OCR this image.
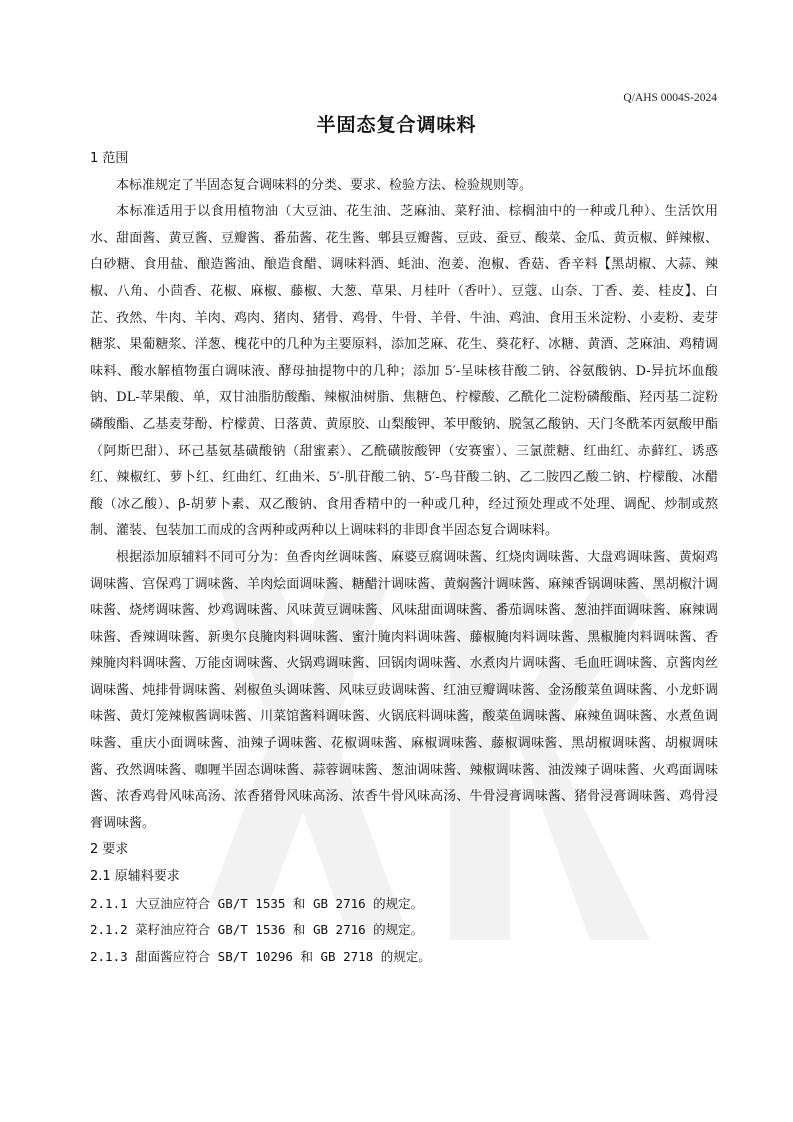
Q/AHS 0004S-2024
半固态复合调味料

1 范围

本标准规定了半固态复合调味料的分类、要求、检验方法、检验规则等。

本标准适用于以食用植物油（大豆油、花生油、芝麻油、菜籽油、棕榈油中的一种或几种）、生活饮用水、甜面酱、黄豆酱、豆瓣酱、番茄酱、花生酱、郫县豆瓣酱、豆豉、蚕豆、酸菜、金瓜、黄贡椒、鲜辣椒、白砂糖、食用盐、酿造酱油、酿造食醋、调味料酒、蚝油、泡姜、泡椒、香菇、香辛料【黑胡椒、大蒜、辣椒、八角、小茴香、花椒、麻椒、藤椒、大葱、草果、月桂叶（香叶）、豆蔻、山奈、丁香、姜、桂皮】、白芷、孜然、牛肉、羊肉、鸡肉、猪肉、猪骨、鸡骨、牛骨、羊骨、牛油、鸡油、食用玉米淀粉、小麦粉、麦芽糖浆、果葡糖浆、洋葱、槐花中的几种为主要原料，添加芝麻、花生、葵花籽、冰糖、黄酒、芝麻油、鸡精调味料、酸水解植物蛋白调味液、酵母抽提物中的几种；添加 5′-呈味核苷酸二钠、谷氨酸钠、D-异抗坏血酸钠、DL-苹果酸、单，双甘油脂肪酸酯、辣椒油树脂、焦糖色、柠檬酸、乙酰化二淀粉磷酸酯、羟丙基二淀粉磷酸酯、乙基麦芽酚、柠檬黄、日落黄、黄原胶、山梨酸钾、苯甲酸钠、脱氢乙酸钠、天门冬酰苯丙氨酸甲酯（阿斯巴甜）、环己基氨基磺酸钠（甜蜜素）、乙酰磺胺酸钾（安赛蜜）、三氯蔗糖、红曲红、赤藓红、诱惑红、辣椒红、萝卜红、红曲红、红曲米、5′-肌苷酸二钠、5′-鸟苷酸二钠、乙二胺四乙酸二钠、柠檬酸、冰醋酸（冰乙酸）、β-胡萝卜素、双乙酸钠、食用香精中的一种或几种，经过预处理或不处理、调配、炒制或熬制、灌装、包装加工而成的含两种或两种以上调味料的非即食半固态复合调味料。

根据添加原辅料不同可分为：鱼香肉丝调味酱、麻婆豆腐调味酱、红烧肉调味酱、大盘鸡调味酱、黄焖鸡调味酱、宫保鸡丁调味酱、羊肉烩面调味酱、糖醋汁调味酱、黄焖酱汁调味酱、麻辣香锅调味酱、黑胡椒汁调味酱、烧烤调味酱、炒鸡调味酱、风味黄豆调味酱、风味甜面调味酱、番茄调味酱、葱油拌面调味酱、麻辣调味酱、香辣调味酱、新奥尔良腌肉料调味酱、蜜汁腌肉料调味酱、藤椒腌肉料调味酱、黑椒腌肉料调味酱、香辣腌肉料调味酱、万能卤调味酱、火锅鸡调味酱、回锅肉调味酱、水煮肉片调味酱、毛血旺调味酱、京酱肉丝调味酱、炖排骨调味酱、剁椒鱼头调味酱、风味豆豉调味酱、红油豆瓣调味酱、金汤酸菜鱼调味酱、小龙虾调味酱、黄灯笼辣椒酱调味酱、川菜馆酱料调味酱、火锅底料调味酱，酸菜鱼调味酱、麻辣鱼调味酱、水煮鱼调味酱、重庆小面调味酱、油辣子调味酱、花椒调味酱、麻椒调味酱、藤椒调味酱、黑胡椒调味酱、胡椒调味酱、孜然调味酱、咖喱半固态调味酱、蒜蓉调味酱、葱油调味酱、辣椒调味酱、油泼辣子调味酱、火鸡面调味酱、浓香鸡骨风味高汤、浓香猪骨风味高汤、浓香牛骨风味高汤、牛骨浸膏调味酱、猪骨浸膏调味酱、鸡骨浸膏调味酱。

2 要求

2.1 原辅料要求

2.1.1 大豆油应符合 GB/T 1535 和 GB 2716 的规定。

2.1.2 菜籽油应符合 GB/T 1536 和 GB 2716 的规定。

2.1.3 甜面酱应符合 SB/T 10296 和 GB 2718 的规定。
